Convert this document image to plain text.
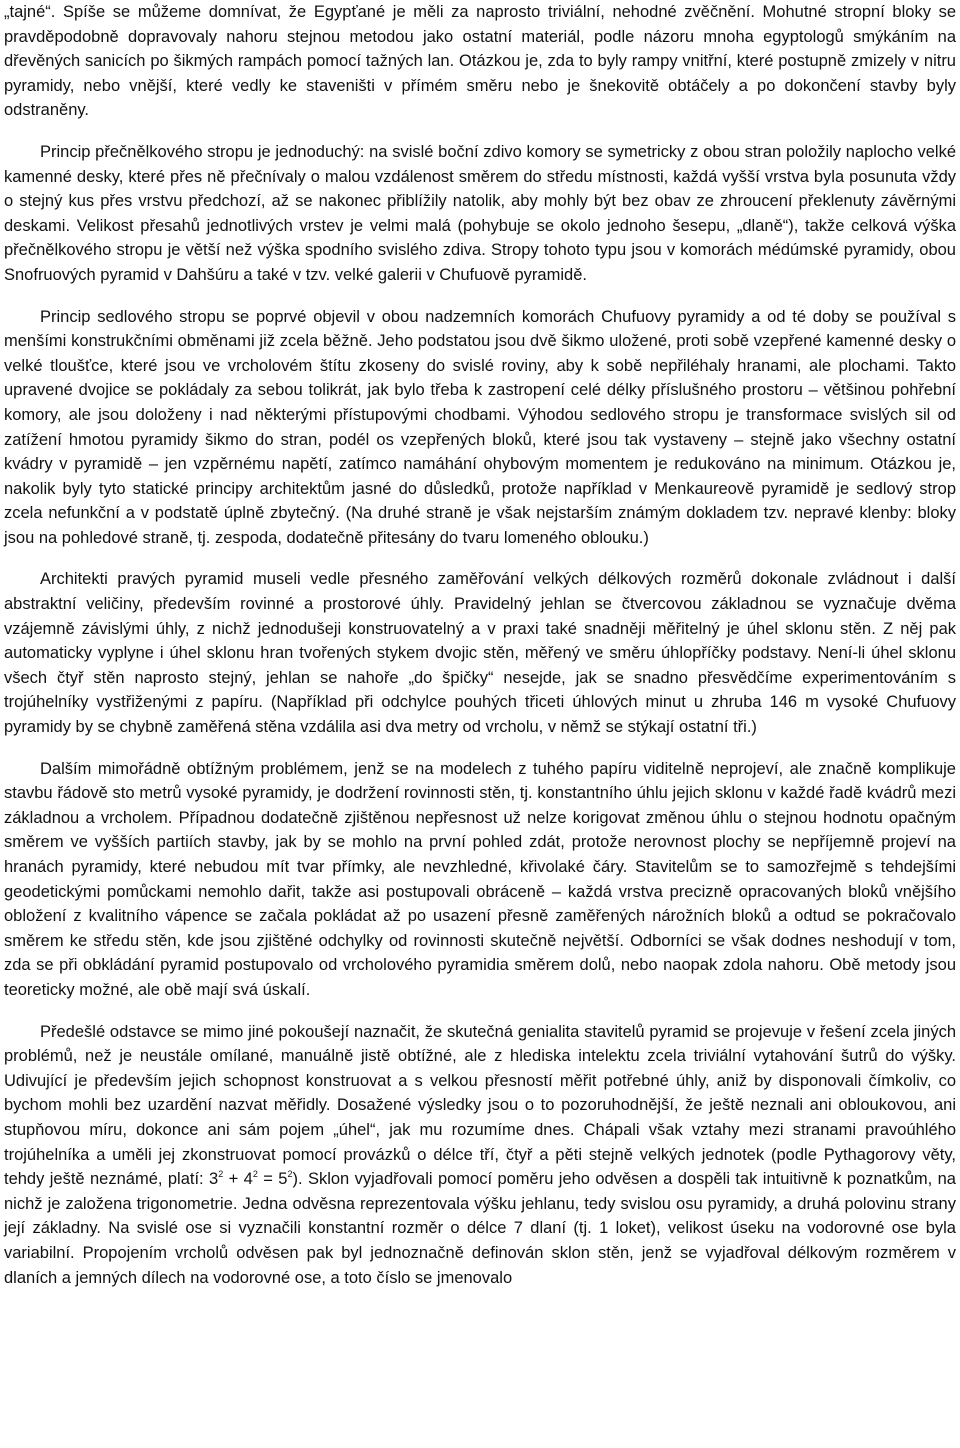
„tajné“. Spíše se můžeme domnívat, že Egypťané je měli za naprosto triviální, nehodné zvěčnění. Mohutné stropní bloky se pravděpodobně dopravovaly nahoru stejnou metodou jako ostatní materiál, podle názoru mnoha egyptologů smýkáním na dřevěných sanicích po šikmých rampách pomocí tažných lan. Otázkou je, zda to byly rampy vnitřní, které postupně zmizely v nitru pyramidy, nebo vnější, které vedly ke staveništi v přímém směru nebo je šnekovitě obtáčely a po dokončení stavby byly odstraněny.

Princip přečnělkového stropu je jednoduchý: na svislé boční zdivo komory se symetricky z obou stran položily naplocho velké kamenné desky, které přes ně přečnívaly o malou vzdálenost směrem do středu místnosti, každá vyšší vrstva byla posunuta vždy o stejný kus přes vrstvu předchozí, až se nakonec přiblížily natolik, aby mohly být bez obav ze zhroucení překlenuty závěrnými deskami. Velikost přesahů jednotlivých vrstev je velmi malá (pohybuje se okolo jednoho šesepu, „dlaně“), takže celková výška přečnělkového stropu je větší než výška spodního svislého zdiva. Stropy tohoto typu jsou v komorách médúmské pyramidy, obou Snofruových pyramid v Dahšúru a také v tzv. velké galerii v Chufuově pyramidě.

Princip sedlového stropu se poprvé objevil v obou nadzemních komorách Chufuovy pyramidy a od té doby se používal s menšími konstrukčními obměnami již zcela běžně. Jeho podstatou jsou dvě šikmo uložené, proti sobě vzepřené kamenné desky o velké tloušťce, které jsou ve vrcholovém štítu zkoseny do svislé roviny, aby k sobě nepřiléhaly hranami, ale plochami. Takto upravené dvojice se pokládaly za sebou tolikrát, jak bylo třeba k zastropení celé délky příslušného prostoru – většinou pohřební komory, ale jsou doloženy i nad některými přístupovými chodbami. Výhodou sedlového stropu je transformace svislých sil od zatížení hmotou pyramidy šikmo do stran, podél os vzepřených bloků, které jsou tak vystaveny – stejně jako všechny ostatní kvádry v pyramidě – jen vzpěrnému napětí, zatímco namáhání ohybovým momentem je redukováno na minimum. Otázkou je, nakolik byly tyto statické principy architektům jasné do důsledků, protože například v Menkaureově pyramidě je sedlový strop zcela nefunkční a v podstatě úplně zbytečný. (Na druhé straně je však nejstarším známým dokladem tzv. nepravé klenby: bloky jsou na pohledové straně, tj. zespoda, dodatečně přitesány do tvaru lomeného oblouku.)

Architekti pravých pyramid museli vedle přesného zaměřování velkých délkových rozměrů dokonale zvládnout i další abstraktní veličiny, především rovinné a prostorové úhly. Pravidelný jehlan se čtvercovou základnou se vyznačuje dvěma vzájemně závislými úhly, z nichž jednodušeji konstruovatelný a v praxi také snadněji měřitelný je úhel sklonu stěn. Z něj pak automaticky vyplyne i úhel sklonu hran tvořených stykem dvojic stěn, měřený ve směru úhlopříčky podstavy. Není-li úhel sklonu všech čtyř stěn naprosto stejný, jehlan se nahoře „do špičky“ nesejde, jak se snadno přesvědčíme experimentováním s trojúhelníky vystřiženými z papíru. (Například při odchylce pouhých třiceti úhlových minut u zhruba 146 m vysoké Chufuovy pyramidy by se chybně zaměřená stěna vzdálila asi dva metry od vrcholu, v němž se stýkají ostatní tři.)

Dalším mimořádně obtížným problémem, jenž se na modelech z tuhého papíru viditelně neprojeví, ale značně komplikuje stavbu řádově sto metrů vysoké pyramidy, je dodržení rovinnosti stěn, tj. konstantního úhlu jejich sklonu v každé řadě kvádrů mezi základnou a vrcholem. Případnou dodatečně zjištěnou nepřesnost už nelze korigovat změnou úhlu o stejnou hodnotu opačným směrem ve vyšších partiích stavby, jak by se mohlo na první pohled zdát, protože nerovnost plochy se nepříjemně projeví na hranách pyramidy, které nebudou mít tvar přímky, ale nevzhledné, křivolaké čáry. Stavitelům se to samozřejmě s tehdejšími geodetickými pomůckami nemohlo dařit, takže asi postupovali obráceně – každá vrstva precizně opracovaných bloků vnějšího obložení z kvalitního vápence se začala pokládat až po usazení přesně zaměřených nárožních bloků a odtud se pokračovalo směrem ke středu stěn, kde jsou zjištěné odchylky od rovinnosti skutečně největší. Odborníci se však dodnes neshodují v tom, zda se při obkládání pyramid postupovalo od vrcholového pyramidia směrem dolů, nebo naopak zdola nahoru. Obě metody jsou teoreticky možné, ale obě mají svá úskalí.

Předešlé odstavce se mimo jiné pokoušejí naznačit, že skutečná genialita stavitelů pyramid se projevuje v řešení zcela jiných problémů, než je neustále omílané, manuálně jistě obtížné, ale z hlediska intelektu zcela triviální vytahování šutrů do výšky. Udivující je především jejich schopnost konstruovat a s velkou přesností měřit potřebné úhly, aniž by disponovali čímkoliv, co bychom mohli bez uzardění nazvat měřidly. Dosažené výsledky jsou o to pozoruhodnější, že ještě neznali ani obloukovou, ani stupňovou míru, dokonce ani sám pojem „úhel“, jak mu rozumíme dnes. Chápali však vztahy mezi stranami pravoúhlého trojúhelníka a uměli jej zkonstruovat pomocí provázků o délce tří, čtyř a pěti stejně velkých jednotek (podle Pythagorovy věty, tehdy ještě neznámé, platí: $3^2 + 4^2 = 5^2$). Sklon vyjadřovali pomocí poměru jeho odvěsen a dospěli tak intuitivně k poznatkům, na nichž je založena trigonometrie. Jedna odvěsna reprezentovala výšku jehlanu, tedy svislou osu pyramidy, a druhá polovinu strany její základny. Na svislé ose si vyznačili konstantní rozměr o délce 7 dlaní (tj. 1 loket), velikost úseku na vodorovné ose byla variabilní. Propojením vrcholů odvěsen pak byl jednoznačně definován sklon stěn, jenž se vyjadřoval délkovým rozměrem v dlaních a jemných dílech na vodorovné ose, a toto číslo se jmenovalo
